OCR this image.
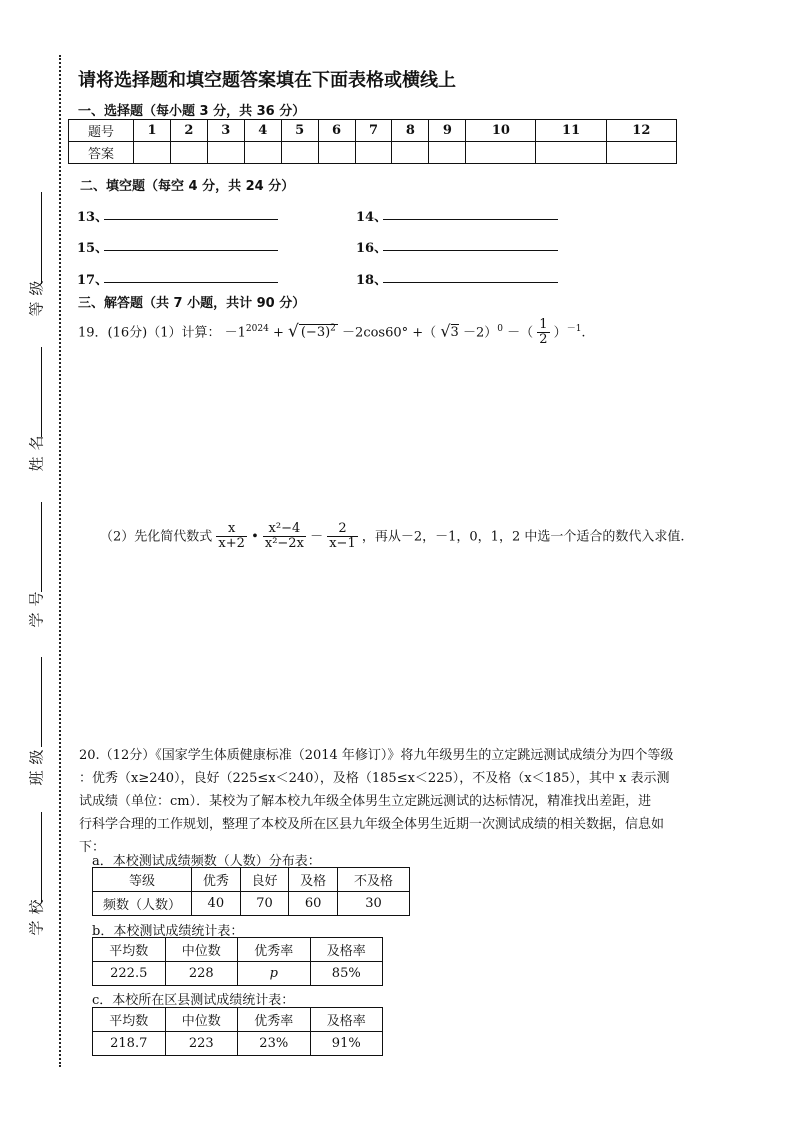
等级
姓名
学号
班级
学校
请将选择题和填空题答案填在下面表格或横线上
一、选择题（每小题 3 分，共 36 分）
题号	1	2	3	4	5	6	7	8	9	10	11	12
答案												
二、填空题（每空 4 分，共 24 分）
13、	14、
15、	16、
17、	18、
三、解答题（共 7 小题，共计 90 分）
19．(16分)（1）计算： $-1^{2024}$ + √ $(-3)^2 -2\cos 60^\circ$ +（ √3 －2）$^0$ －（ $\frac{1}{2} )^{-1}$.
（2）先化简代数式 $\frac{x}{x+2}$ • $\frac{\text{x²−4}}{\text{x²−2x}} - \frac{2}{x-1}$ ，再从－2，－1，0，1，2 中选一个适合的数代入求值.
20.（12分）《国家学生体质健康标准（2014 年修订）》将九年级男生的立定跳远测试成绩分为四个等级
：优秀（x≥240），良好（225≤x＜240），及格（185≤x＜225），不及格（x＜185），其中 x 表示测
试成绩（单位：cm）．某校为了解本校九年级全体男生立定跳远测试的达标情况，精准找出差距，进
行科学合理的工作规划，整理了本校及所在区县九年级全体男生近期一次测试成绩的相关数据，信息如
下：
a．本校测试成绩频数（人数）分布表：
等级	优秀	良好	及格	不及格
频数（人数）	40	70	60	30
b．本校测试成绩统计表：
平均数	中位数	优秀率	及格率
222.5	228	p	85%
c．本校所在区县测试成绩统计表：
平均数	中位数	优秀率	及格率
218.7	223	23%	91%
